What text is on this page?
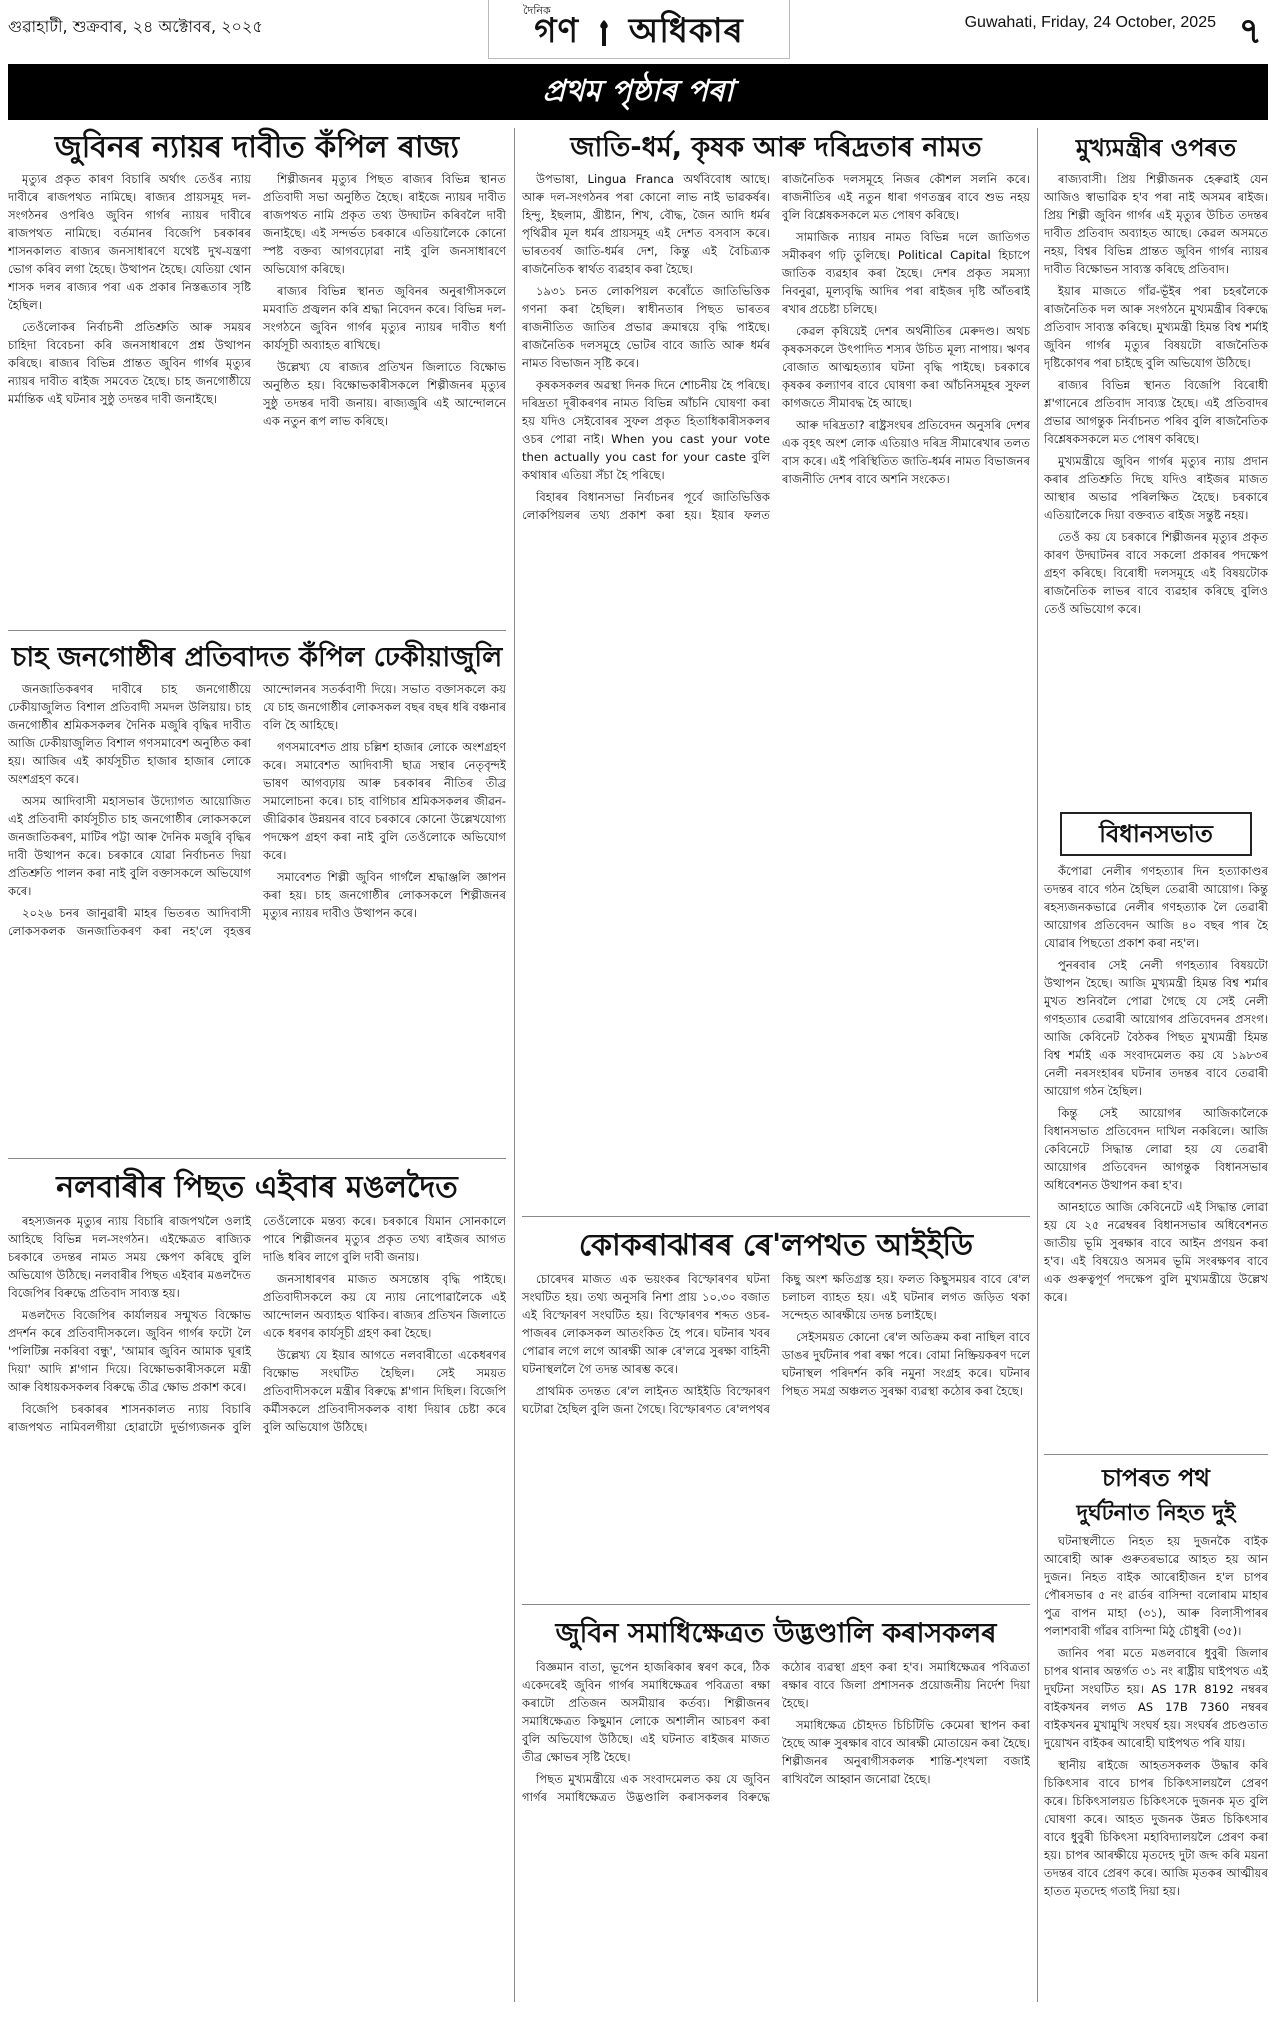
গুৱাহাটী, শুক্ৰবাৰ, ২৪ অক্টোবৰ, ২০২৫
দৈনিক
গণ অধিকাৰ	Guwahati, Friday, 24 October, 2025 ৭
প্ৰথম পৃষ্ঠাৰ পৰা
জুবিনৰ ন্যায়ৰ দাবীত কঁপিল ৰাজ্য

মৃত্যুৰ প্ৰকৃত কাৰণ বিচাৰি অৰ্থাৎ তেওঁৰ ন্যায় দাবীৰে ৰাজপথত নামিছে। ৰাজ্যৰ প্ৰায়সমূহ দল-সংগঠনৰ ওপৰিও জুবিন গাৰ্গৰ ন্যায়ৰ দাবীৰে ৰাজপথত নামিছে। বৰ্তমানৰ বিজেপি চৰকাৰৰ শাসনকালত ৰাজ্যৰ জনসাধাৰণে যথেষ্ট দুখ-যন্ত্ৰণা ভোগ কৰিব লগা হৈছে। উত্থাপন হৈছে। যেতিয়া থোন শাসক দলৰ ৰাজ্যৰ পৰা এক প্ৰকাৰ নিস্তব্ধতাৰ সৃষ্টি হৈছিল।

তেওঁলোকৰ নিৰ্বাচনী প্ৰতিশ্ৰুতি আৰু সময়ৰ চাহিদা বিবেচনা কৰি জনসাধাৰণে প্ৰশ্ন উত্থাপন কৰিছে। ৰাজ্যৰ বিভিন্ন প্ৰান্তত জুবিন গাৰ্গৰ মৃত্যুৰ ন্যায়ৰ দাবীত ৰাইজ সমবেত হৈছে। চাহ জনগোষ্ঠীয়ে মৰ্মান্তিক এই ঘটনাৰ সুষ্ঠু তদন্তৰ দাবী জনাইছে।

শিল্পীজনৰ মৃত্যুৰ পিছত ৰাজ্যৰ বিভিন্ন স্থানত প্ৰতিবাদী সভা অনুষ্ঠিত হৈছে। ৰাইজে ন্যায়ৰ দাবীত ৰাজপথত নামি প্ৰকৃত তথ্য উদ্ঘাটন কৰিবলৈ দাবী জনাইছে। এই সন্দৰ্ভত চৰকাৰে এতিয়ালৈকে কোনো স্পষ্ট বক্তব্য আগবঢ়োৱা নাই বুলি জনসাধাৰণে অভিযোগ কৰিছে।

ৰাজ্যৰ বিভিন্ন স্থানত জুবিনৰ অনুৰাগীসকলে মমবাতি প্ৰজ্বলন কৰি শ্ৰদ্ধা নিবেদন কৰে। বিভিন্ন দল-সংগঠনে জুবিন গাৰ্গৰ মৃত্যুৰ ন্যায়ৰ দাবীত ধৰ্ণা কাৰ্যসূচী অব্যাহত ৰাখিছে।

উল্লেখ্য যে ৰাজ্যৰ প্ৰতিখন জিলাতে বিক্ষোভ অনুষ্ঠিত হয়। বিক্ষোভকাৰীসকলে শিল্পীজনৰ মৃত্যুৰ সুষ্ঠু তদন্তৰ দাবী জনায়। ৰাজ্যজুৰি এই আন্দোলনে এক নতুন ৰূপ লাভ কৰিছে।

চাহ জনগোষ্ঠীৰ প্ৰতিবাদত কঁপিল ঢেকীয়াজুলি

জনজাতিকৰণৰ দাবীৰে চাহ জনগোষ্ঠীয়ে ঢেকীয়াজুলিত বিশাল প্ৰতিবাদী সমদল উলিয়ায়। চাহ জনগোষ্ঠীৰ শ্ৰমিকসকলৰ দৈনিক মজুৰি বৃদ্ধিৰ দাবীত আজি ঢেকীয়াজুলিত বিশাল গণসমাবেশ অনুষ্ঠিত কৰা হয়। আজিৰ এই কাৰ্যসূচীত হাজাৰ হাজাৰ লোকে অংশগ্ৰহণ কৰে।

অসম আদিবাসী মহাসভাৰ উদ্যোগত আয়োজিত এই প্ৰতিবাদী কাৰ্যসূচীত চাহ জনগোষ্ঠীৰ লোকসকলে জনজাতিকৰণ, মাটিৰ পট্টা আৰু দৈনিক মজুৰি বৃদ্ধিৰ দাবী উত্থাপন কৰে। চৰকাৰে যোৱা নিৰ্বাচনত দিয়া প্ৰতিশ্ৰুতি পালন কৰা নাই বুলি বক্তাসকলে অভিযোগ কৰে।

২০২৬ চনৰ জানুৱাৰী মাহৰ ভিতৰত আদিবাসী লোকসকলক জনজাতিকৰণ কৰা নহ'লে বৃহত্তৰ আন্দোলনৰ সতৰ্কবাণী দিয়ে। সভাত বক্তাসকলে কয় যে চাহ জনগোষ্ঠীৰ লোকসকল বছৰ বছৰ ধৰি বঞ্চনাৰ বলি হৈ আহিছে।

গণসমাবেশত প্ৰায় চল্লিশ হাজাৰ লোকে অংশগ্ৰহণ কৰে। সমাবেশত আদিবাসী ছাত্ৰ সন্থাৰ নেতৃবৃন্দই ভাষণ আগবঢ়ায় আৰু চৰকাৰৰ নীতিৰ তীব্ৰ সমালোচনা কৰে। চাহ বাগিচাৰ শ্ৰমিকসকলৰ জীৱন-জীৱিকাৰ উন্নয়নৰ বাবে চৰকাৰে কোনো উল্লেখযোগ্য পদক্ষেপ গ্ৰহণ কৰা নাই বুলি তেওঁলোকে অভিযোগ কৰে।

সমাবেশত শিল্পী জুবিন গাৰ্গলৈ শ্ৰদ্ধাঞ্জলি জ্ঞাপন কৰা হয়। চাহ জনগোষ্ঠীৰ লোকসকলে শিল্পীজনৰ মৃত্যুৰ ন্যায়ৰ দাবীও উত্থাপন কৰে।

নলবাৰীৰ পিছত এইবাৰ মঙলদৈত

ৰহস্যজনক মৃত্যুৰ ন্যায় বিচাৰি ৰাজপথলৈ ওলাই আহিছে বিভিন্ন দল-সংগঠন। এইক্ষেত্ৰত ৰাজ্যিক চৰকাৰে তদন্তৰ নামত সময় ক্ষেপণ কৰিছে বুলি অভিযোগ উঠিছে। নলবাৰীৰ পিছত এইবাৰ মঙলদৈত বিজেপিৰ বিৰুদ্ধে প্ৰতিবাদ সাব্যস্ত হয়।

মঙলদৈত বিজেপিৰ কাৰ্যালয়ৰ সন্মুখত বিক্ষোভ প্ৰদৰ্শন কৰে প্ৰতিবাদীসকলে। জুবিন গাৰ্গৰ ফটো লৈ 'পলিটিক্স নকৰিবা বন্ধু', 'আমাৰ জুবিন আমাক ঘূৰাই দিয়া' আদি শ্ল'গান দিয়ে। বিক্ষোভকাৰীসকলে মন্ত্ৰী আৰু বিধায়কসকলৰ বিৰুদ্ধে তীব্ৰ ক্ষোভ প্ৰকাশ কৰে।

বিজেপি চৰকাৰৰ শাসনকালত ন্যায় বিচাৰি ৰাজপথত নামিবলগীয়া হোৱাটো দুৰ্ভাগ্যজনক বুলি তেওঁলোকে মন্তব্য কৰে। চৰকাৰে যিমান সোনকালে পাৰে শিল্পীজনৰ মৃত্যুৰ প্ৰকৃত তথ্য ৰাইজৰ আগত দাঙি ধৰিব লাগে বুলি দাবী জনায়।

জনসাধাৰণৰ মাজত অসন্তোষ বৃদ্ধি পাইছে। প্ৰতিবাদীসকলে কয় যে ন্যায় নোপোৱালৈকে এই আন্দোলন অব্যাহত থাকিব। ৰাজ্যৰ প্ৰতিখন জিলাতে একে ধৰণৰ কাৰ্যসূচী গ্ৰহণ কৰা হৈছে।

উল্লেখ্য যে ইয়াৰ আগতে নলবাৰীতো একেধৰণৰ বিক্ষোভ সংঘটিত হৈছিল। সেই সময়ত প্ৰতিবাদীসকলে মন্ত্ৰীৰ বিৰুদ্ধে শ্ল'গান দিছিল। বিজেপি কৰ্মীসকলে প্ৰতিবাদীসকলক বাধা দিয়াৰ চেষ্টা কৰে বুলি অভিযোগ উঠিছে।

জাতি-ধৰ্ম, কৃষক আৰু দৰিদ্ৰতাৰ নামত

উপভাষা, Lingua Franca অৰ্থবিবোধ আছে। আৰু দল-সংগঠনৰ পৰা কোনো লাভ নাই ভাৱকৰ্ষৰ। হিন্দু, ইছলাম, খ্ৰীষ্টান, শিখ, বৌদ্ধ, জৈন আদি ধৰ্মৰ পৃথিৱীৰ মূল ধৰ্মৰ প্ৰায়সমূহ এই দেশত বসবাস কৰে। ভাৰতবৰ্ষ জাতি-ধৰ্মৰ দেশ, কিন্তু এই বৈচিত্ৰ্যক ৰাজনৈতিক স্বাৰ্থত ব্যৱহাৰ কৰা হৈছে।

১৯৩১ চনত লোকপিয়ল কৰোঁতে জাতিভিত্তিক গণনা কৰা হৈছিল। স্বাধীনতাৰ পিছত ভাৰতৰ ৰাজনীতিত জাতিৰ প্ৰভাৱ ক্ৰমান্বয়ে বৃদ্ধি পাইছে। ৰাজনৈতিক দলসমূহে ভোটৰ বাবে জাতি আৰু ধৰ্মৰ নামত বিভাজন সৃষ্টি কৰে।

কৃষকসকলৰ অৱস্থা দিনক দিনে শোচনীয় হৈ পৰিছে। দৰিদ্ৰতা দূৰীকৰণৰ নামত বিভিন্ন আঁচনি ঘোষণা কৰা হয় যদিও সেইবোৰৰ সুফল প্ৰকৃত হিতাধিকাৰীসকলৰ ওচৰ পোৱা নাই। When you cast your vote then actually you cast for your caste বুলি কথাষাৰ এতিয়া সঁচা হৈ পৰিছে।

বিহাৰৰ বিধানসভা নিৰ্বাচনৰ পূৰ্বে জাতিভিত্তিক লোকপিয়লৰ তথ্য প্ৰকাশ কৰা হয়। ইয়াৰ ফলত ৰাজনৈতিক দলসমূহে নিজৰ কৌশল সলনি কৰে। ৰাজনীতিৰ এই নতুন ধাৰা গণতন্ত্ৰৰ বাবে শুভ নহয় বুলি বিশ্লেষকসকলে মত পোষণ কৰিছে।

সামাজিক ন্যায়ৰ নামত বিভিন্ন দলে জাতিগত সমীকৰণ গঢ়ি তুলিছে। Political Capital হিচাপে জাতিক ব্যৱহাৰ কৰা হৈছে। দেশৰ প্ৰকৃত সমস্যা নিবনুৱা, মূল্যবৃদ্ধি আদিৰ পৰা ৰাইজৰ দৃষ্টি আঁতৰাই ৰখাৰ প্ৰচেষ্টা চলিছে।

কেৱল কৃষিয়েই দেশৰ অৰ্থনীতিৰ মেৰুদণ্ড। অথচ কৃষকসকলে উৎপাদিত শস্যৰ উচিত মূল্য নাপায়। ঋণৰ বোজাত আত্মহত্যাৰ ঘটনা বৃদ্ধি পাইছে। চৰকাৰে কৃষকৰ কল্যাণৰ বাবে ঘোষণা কৰা আঁচনিসমূহৰ সুফল কাগজতে সীমাবদ্ধ হৈ আছে।

আৰু দৰিদ্ৰতা? ৰাষ্ট্ৰসংঘৰ প্ৰতিবেদন অনুসৰি দেশৰ এক বৃহৎ অংশ লোক এতিয়াও দৰিদ্ৰ সীমাৰেখাৰ তলত বাস কৰে। এই পৰিস্থিতিত জাতি-ধৰ্মৰ নামত বিভাজনৰ ৰাজনীতি দেশৰ বাবে অশনি সংকেত।

কোকৰাঝাৰৰ ৰে'লপথত আইইডি

চোৰেদৰ মাজত এক ভয়ংকৰ বিস্ফোৰণৰ ঘটনা সংঘটিত হয়। তথ্য অনুসৰি নিশা প্ৰায় ১০.৩০ বজাত এই বিস্ফোৰণ সংঘটিত হয়। বিস্ফোৰণৰ শব্দত ওচৰ-পাজৰৰ লোকসকল আতংকিত হৈ পৰে। ঘটনাৰ খবৰ পোৱাৰ লগে লগে আৰক্ষী আৰু ৰে'লৱে সুৰক্ষা বাহিনী ঘটনাস্থললৈ গৈ তদন্ত আৰম্ভ কৰে।

প্ৰাথমিক তদন্তত ৰে'ল লাইনত আইইডি বিস্ফোৰণ ঘটোৱা হৈছিল বুলি জনা গৈছে। বিস্ফোৰণত ৰে'লপথৰ কিছু অংশ ক্ষতিগ্ৰস্ত হয়। ফলত কিছুসময়ৰ বাবে ৰে'ল চলাচল ব্যাহত হয়। এই ঘটনাৰ লগত জড়িত থকা সন্দেহত আৰক্ষীয়ে তদন্ত চলাইছে।

সেইসময়ত কোনো ৰে'ল অতিক্ৰম কৰা নাছিল বাবে ডাঙৰ দুৰ্ঘটনাৰ পৰা ৰক্ষা পৰে। বোমা নিষ্ক্ৰিয়কৰণ দলে ঘটনাস্থল পৰিদৰ্শন কৰি নমুনা সংগ্ৰহ কৰে। ঘটনাৰ পিছত সমগ্ৰ অঞ্চলত সুৰক্ষা ব্যৱস্থা কঠোৰ কৰা হৈছে।

জুবিন সমাধিক্ষেত্ৰত উদ্ভণ্ডালি কৰাসকলৰ

বিজ্ঞমান বাতা, ভূপেন হাজৰিকাৰ স্বৰণ কৰে, ঠিক একেদৰেই জুবিন গাৰ্গৰ সমাধিক্ষেত্ৰৰ পবিত্ৰতা ৰক্ষা কৰাটো প্ৰতিজন অসমীয়াৰ কৰ্তব্য। শিল্পীজনৰ সমাধিক্ষেত্ৰত কিছুমান লোকে অশালীন আচৰণ কৰা বুলি অভিযোগ উঠিছে। এই ঘটনাত ৰাইজৰ মাজত তীব্ৰ ক্ষোভৰ সৃষ্টি হৈছে।

পিছত মুখ্যমন্ত্ৰীয়ে এক সংবাদমেলত কয় যে জুবিন গাৰ্গৰ সমাধিক্ষেত্ৰত উদ্ভণ্ডালি কৰাসকলৰ বিৰুদ্ধে কঠোৰ ব্যৱস্থা গ্ৰহণ কৰা হ'ব। সমাধিক্ষেত্ৰৰ পবিত্ৰতা ৰক্ষাৰ বাবে জিলা প্ৰশাসনক প্ৰয়োজনীয় নিৰ্দেশ দিয়া হৈছে।

সমাধিক্ষেত্ৰ চৌহদত চিচিটিভি কেমেৰা স্থাপন কৰা হৈছে আৰু সুৰক্ষাৰ বাবে আৰক্ষী মোতায়েন কৰা হৈছে। শিল্পীজনৰ অনুৰাগীসকলক শান্তি-শৃংখলা বজাই ৰাখিবলৈ আহ্বান জনোৱা হৈছে।

মুখ্যমন্ত্ৰীৰ ওপৰত

ৰাজ্যবাসী। প্ৰিয় শিল্পীজনক হেৰুৱাই যেন আজিও স্বাভাৱিক হ'ব পৰা নাই অসমৰ ৰাইজ। প্ৰিয় শিল্পী জুবিন গাৰ্গৰ এই মৃত্যুৰ উচিত তদন্তৰ দাবীত প্ৰতিবাদ অব্যাহত আছে। কেৱল অসমতে নহয়, বিশ্বৰ বিভিন্ন প্ৰান্তত জুবিন গাৰ্গৰ ন্যায়ৰ দাবীত বিক্ষোভন সাব্যস্ত কৰিছে প্ৰতিবাদ।

ইয়াৰ মাজতে গাঁৱ-ভূঁইৰ পৰা চহৰলৈকে ৰাজনৈতিক দল আৰু সংগঠনে মুখ্যমন্ত্ৰীৰ বিৰুদ্ধে প্ৰতিবাদ সাব্যস্ত কৰিছে। মুখ্যমন্ত্ৰী হিমন্ত বিশ্ব শৰ্মাই জুবিন গাৰ্গৰ মৃত্যুৰ বিষয়টো ৰাজনৈতিক দৃষ্টিকোণৰ পৰা চাইছে বুলি অভিযোগ উঠিছে।

ৰাজ্যৰ বিভিন্ন স্থানত বিজেপি বিৰোধী শ্ল'গানেৰে প্ৰতিবাদ সাব্যস্ত হৈছে। এই প্ৰতিবাদৰ প্ৰভাৱ আগন্তুক নিৰ্বাচনত পৰিব বুলি ৰাজনৈতিক বিশ্লেষকসকলে মত পোষণ কৰিছে।

মুখ্যমন্ত্ৰীয়ে জুবিন গাৰ্গৰ মৃত্যুৰ ন্যায় প্ৰদান কৰাৰ প্ৰতিশ্ৰুতি দিছে যদিও ৰাইজৰ মাজত আস্থাৰ অভাৱ পৰিলক্ষিত হৈছে। চৰকাৰে এতিয়ালৈকে দিয়া বক্তব্যত ৰাইজ সন্তুষ্ট নহয়।

তেওঁ কয় যে চৰকাৰে শিল্পীজনৰ মৃত্যুৰ প্ৰকৃত কাৰণ উদ্ঘাটনৰ বাবে সকলো প্ৰকাৰৰ পদক্ষেপ গ্ৰহণ কৰিছে। বিৰোধী দলসমূহে এই বিষয়টোক ৰাজনৈতিক লাভৰ বাবে ব্যৱহাৰ কৰিছে বুলিও তেওঁ অভিযোগ কৰে।

বিধানসভাত

কঁপোৱা নেলীৰ গণহত্যাৰ দিন হত্যাকাণ্ডৰ তদন্তৰ বাবে গঠন হৈছিল তেৱাৰী আয়োগ। কিন্তু ৰহস্যজনকভাৱে নেলীৰ গণহত্যাক লৈ তেৱাৰী আয়োগৰ প্ৰতিবেদন আজি ৪০ বছৰ পাৰ হৈ যোৱাৰ পিছতো প্ৰকাশ কৰা নহ'ল।

পুনৰবাৰ সেই নেলী গণহত্যাৰ বিষয়টো উত্থাপন হৈছে। আজি মুখ্যমন্ত্ৰী হিমন্ত বিশ্ব শৰ্মাৰ মুখত শুনিবলৈ পোৱা গৈছে যে সেই নেলী গণহত্যাৰ তেৱাৰী আয়োগৰ প্ৰতিবেদনৰ প্ৰসংগ। আজি কেবিনেট বৈঠকৰ পিছত মুখ্যমন্ত্ৰী হিমন্ত বিশ্ব শৰ্মাই এক সংবাদমেলত কয় যে ১৯৮৩ৰ নেলী নৰসংহাৰৰ ঘটনাৰ তদন্তৰ বাবে তেৱাৰী আয়োগ গঠন হৈছিল।

কিন্তু সেই আয়োগৰ আজিকালৈকে বিধানসভাত প্ৰতিবেদন দাখিল নকৰিলে। আজি কেবিনেটে সিদ্ধান্ত লোৱা হয় যে তেৱাৰী আয়োগৰ প্ৰতিবেদন আগন্তুক বিধানসভাৰ অধিবেশনত উত্থাপন কৰা হ'ব।

আনহাতে আজি কেবিনেটে এই সিদ্ধান্ত লোৱা হয় যে ২৫ নৱেম্বৰৰ বিধানসভাৰ অধিবেশনত জাতীয় ভূমি সুৰক্ষাৰ বাবে আইন প্ৰণয়ন কৰা হ'ব। এই বিষয়েও অসমৰ ভূমি সংৰক্ষণৰ বাবে এক গুৰুত্বপূৰ্ণ পদক্ষেপ বুলি মুখ্যমন্ত্ৰীয়ে উল্লেখ কৰে।

চাপৰত পথ
দুৰ্ঘটনাত নিহত দুই

ঘটনাস্থলীতে নিহত হয় দুজনকৈ বাইক আৰোহী আৰু গুৰুতৰভাৱে আহত হয় আন দুজন। নিহত বাইক আৰোহীজন হ'ল চাপৰ পৌৰসভাৰ ৫ নং ৱাৰ্ডৰ বাসিন্দা বলোৰাম মাহাৰ পুত্ৰ বাপন মাহা (৩১), আৰু বিলাসীপাৰৰ পলাশবাৰী গাঁৱৰ বাসিন্দা মিঠু চৌধুৰী (৩৫)।

জানিব পৰা মতে মঙলবাৰে ধুবুৰী জিলাৰ চাপৰ থানাৰ অন্তৰ্গত ৩১ নং ৰাষ্ট্ৰীয় ঘাইপথত এই দুৰ্ঘটনা সংঘটিত হয়। AS 17R 8192 নম্বৰৰ বাইকখনৰ লগত AS 17B 7360 নম্বৰৰ বাইকখনৰ মুখামুখি সংঘৰ্ষ হয়। সংঘৰ্ষৰ প্ৰচণ্ডতাত দুয়োখন বাইকৰ আৰোহী ঘাইপথত পৰি যায়।

স্থানীয় ৰাইজে আহতসকলক উদ্ধাৰ কৰি চিকিৎসাৰ বাবে চাপৰ চিকিৎসালয়লৈ প্ৰেৰণ কৰে। চিকিৎসালয়ত চিকিৎসকে দুজনক মৃত বুলি ঘোষণা কৰে। আহত দুজনক উন্নত চিকিৎসাৰ বাবে ধুবুৰী চিকিৎসা মহাবিদ্যালয়লৈ প্ৰেৰণ কৰা হয়। চাপৰ আৰক্ষীয়ে মৃতদেহ দুটা জব্দ কৰি ময়না তদন্তৰ বাবে প্ৰেৰণ কৰে। আজি মৃতকৰ আত্মীয়ৰ হাতত মৃতদেহ গতাই দিয়া হয়।
